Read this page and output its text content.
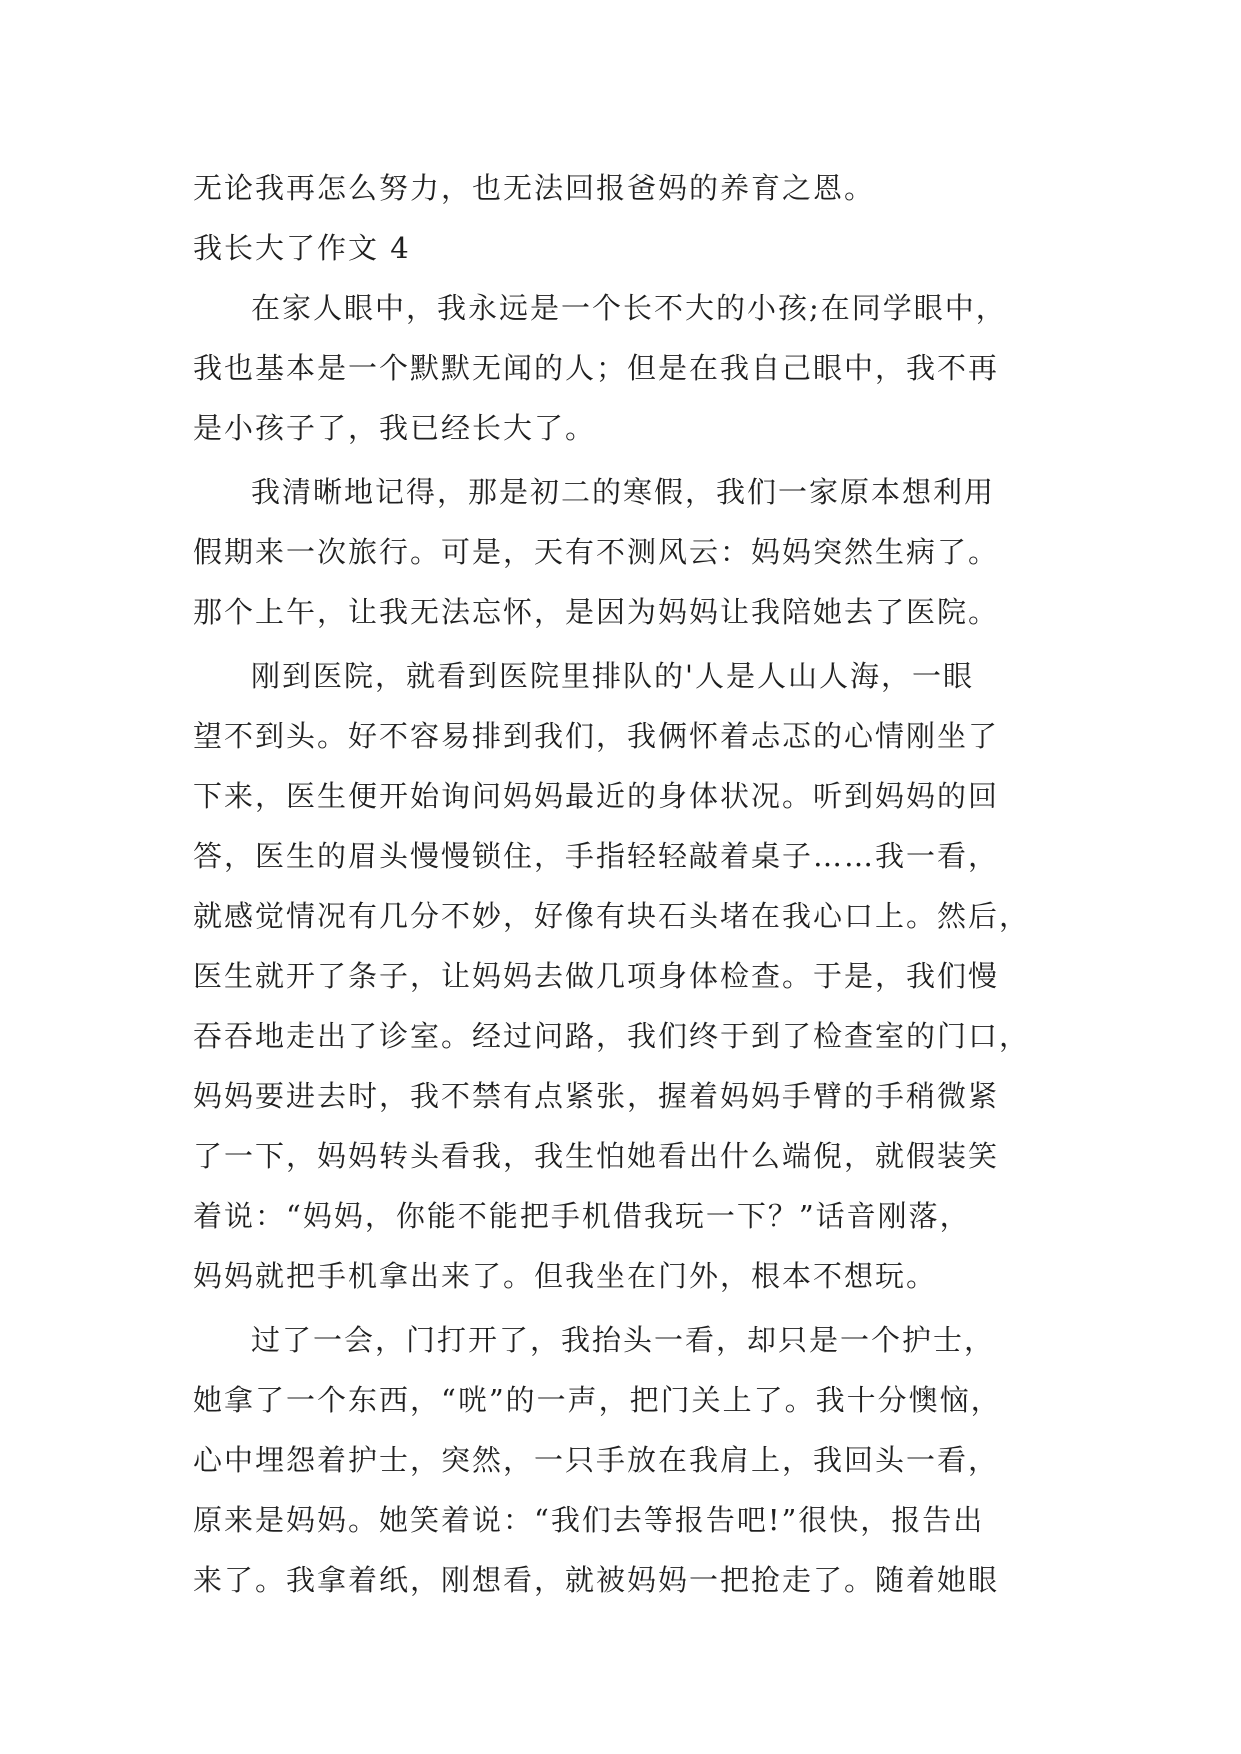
无论我再怎么努力，也无法回报爸妈的养育之恩。
我长大了作文 4
在家人眼中，我永远是一个长不大的小孩;在同学眼中，
我也基本是一个默默无闻的人；但是在我自己眼中，我不再
是小孩子了，我已经长大了。
我清晰地记得，那是初二的寒假，我们一家原本想利用
假期来一次旅行。可是，天有不测风云：妈妈突然生病了。
那个上午，让我无法忘怀，是因为妈妈让我陪她去了医院。
刚到医院，就看到医院里排队的'人是人山人海，一眼
望不到头。好不容易排到我们，我俩怀着忐忑的心情刚坐了
下来，医生便开始询问妈妈最近的身体状况。听到妈妈的回
答，医生的眉头慢慢锁住，手指轻轻敲着桌子……我一看，
就感觉情况有几分不妙，好像有块石头堵在我心口上。然后，
医生就开了条子，让妈妈去做几项身体检查。于是，我们慢
吞吞地走出了诊室。经过问路，我们终于到了检查室的门口，
妈妈要进去时，我不禁有点紧张，握着妈妈手臂的手稍微紧
了一下，妈妈转头看我，我生怕她看出什么端倪，就假装笑
着说：“妈妈，你能不能把手机借我玩一下？”话音刚落，
妈妈就把手机拿出来了。但我坐在门外，根本不想玩。
过了一会，门打开了，我抬头一看，却只是一个护士，
她拿了一个东西，“咣”的一声，把门关上了。我十分懊恼，
心中埋怨着护士，突然，一只手放在我肩上，我回头一看，
原来是妈妈。她笑着说：“我们去等报告吧!”很快，报告出
来了。我拿着纸，刚想看，就被妈妈一把抢走了。随着她眼
